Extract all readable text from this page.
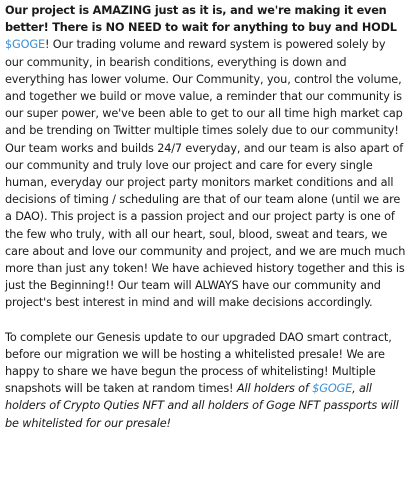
Our project is AMAZING just as it is, and we're making it even better! There is NO NEED to wait for anything to buy and HODL $GOGE! Our trading volume and reward system is powered solely by our community, in bearish conditions, everything is down and everything has lower volume. Our Community, you, control the volume, and together we build or move value, a reminder that our community is our super power, we've been able to get to our all time high market cap and be trending on Twitter multiple times solely due to our community! Our team works and builds 24/7 everyday, and our team is also apart of our community and truly love our project and care for every single human, everyday our project party monitors market conditions and all decisions of timing / scheduling are that of our team alone (until we are a DAO). This project is a passion project and our project party is one of the few who truly, with all our heart, soul, blood, sweat and tears, we care about and love our community and project, and we are much much more than just any token! We have achieved history together and this is just the Beginning!! Our team will ALWAYS have our community and project's best interest in mind and will make decisions accordingly.

To complete our Genesis update to our upgraded DAO smart contract, before our migration we will be hosting a whitelisted presale! We are happy to share we have begun the process of whitelisting! Multiple snapshots will be taken at random times! All holders of $GOGE, all holders of Crypto Quties NFT and all holders of Goge NFT passports will be whitelisted for our presale!
